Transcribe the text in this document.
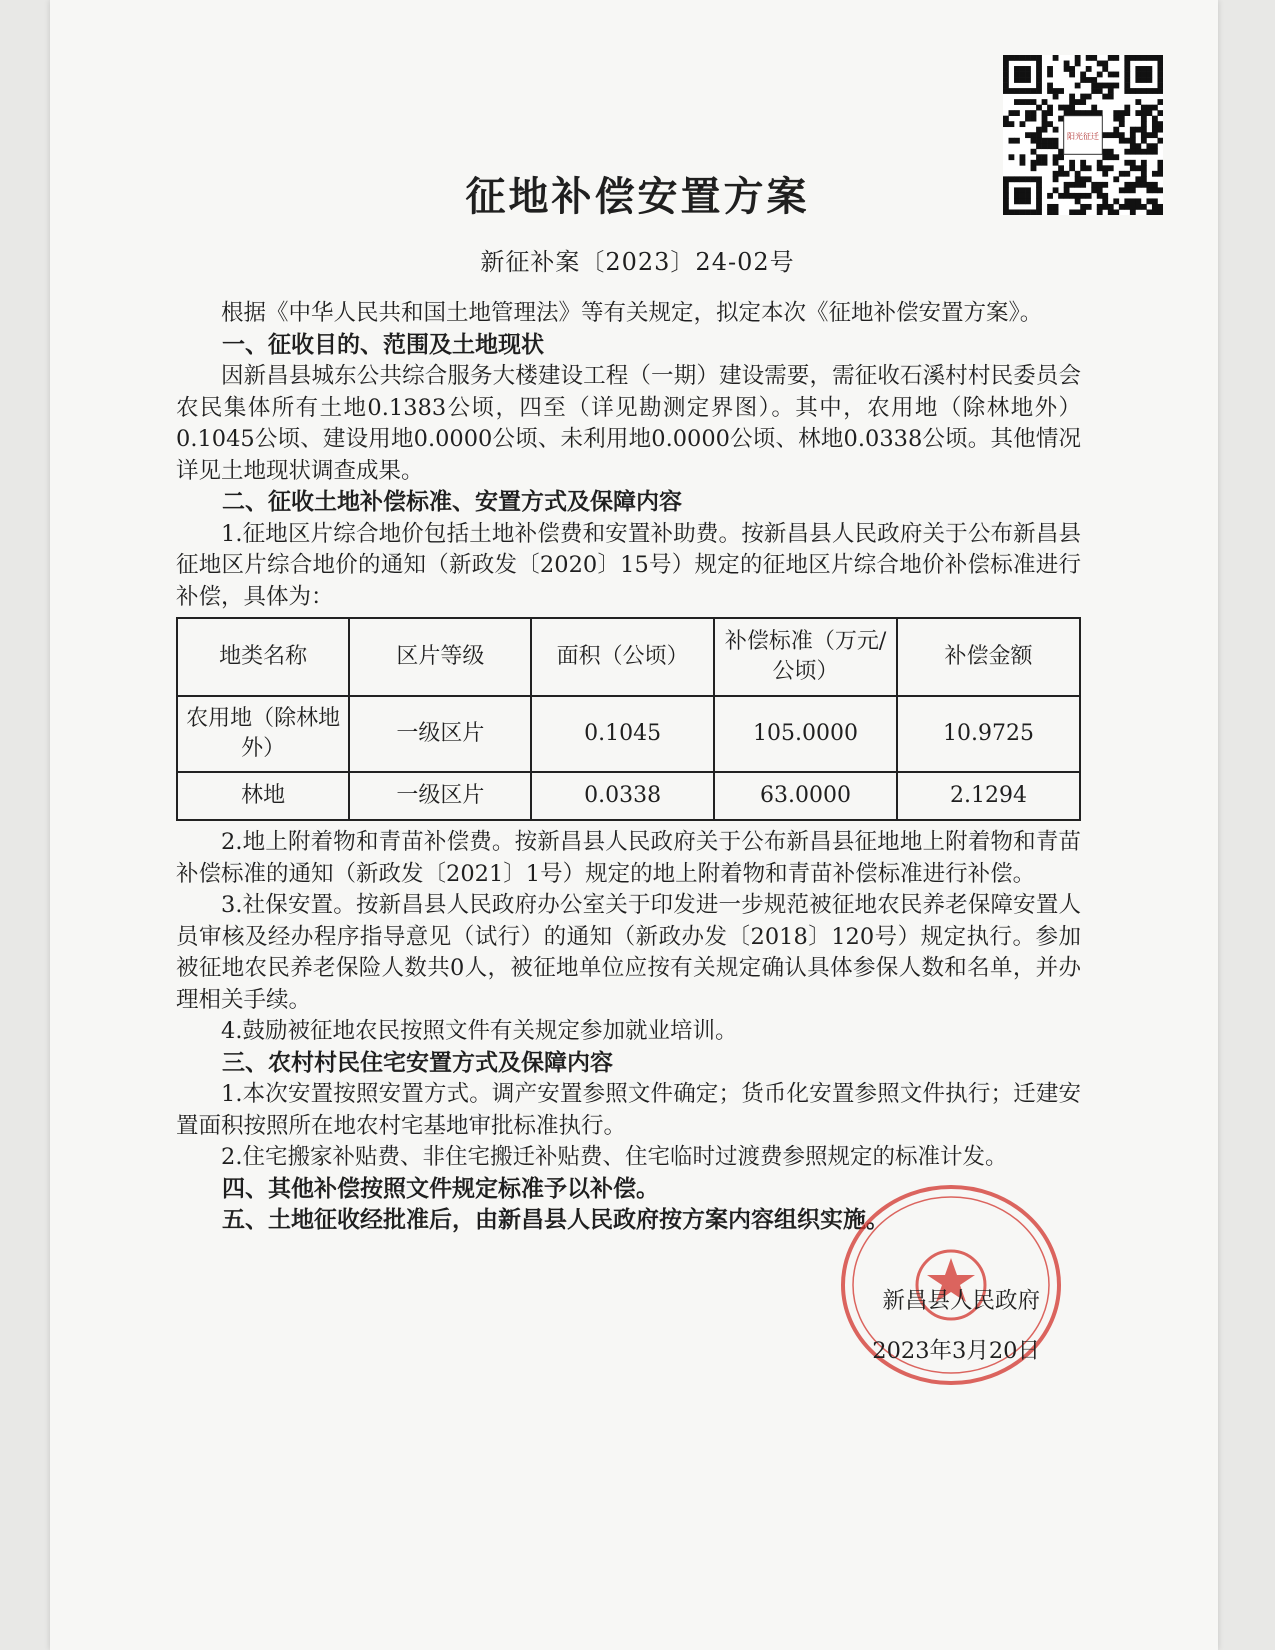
阳光征迁
征地补偿安置方案
新征补案〔2023〕24-02号

根据《中华人民共和国土地管理法》等有关规定，拟定本次《征地补偿安置方案》。

一、征收目的、范围及土地现状

因新昌县城东公共综合服务大楼建设工程（一期）建设需要，需征收石溪村村民委员会农民集体所有土地0.1383公顷，四至（详见勘测定界图）。其中，农用地（除林地外）0.1045公顷、建设用地0.0000公顷、未利用地0.0000公顷、林地0.0338公顷。其他情况详见土地现状调查成果。

二、征收土地补偿标准、安置方式及保障内容

1.征地区片综合地价包括土地补偿费和安置补助费。按新昌县人民政府关于公布新昌县征地区片综合地价的通知（新政发〔2020〕15号）规定的征地区片综合地价补偿标准进行补偿，具体为：

地类名称	区片等级	面积（公顷）	补偿标准（万元/公顷）	补偿金额
农用地（除林地外）	一级区片	0.1045	105.0000	10.9725
林地	一级区片	0.0338	63.0000	2.1294

2.地上附着物和青苗补偿费。按新昌县人民政府关于公布新昌县征地地上附着物和青苗补偿标准的通知（新政发〔2021〕1号）规定的地上附着物和青苗补偿标准进行补偿。

3.社保安置。按新昌县人民政府办公室关于印发进一步规范被征地农民养老保障安置人员审核及经办程序指导意见（试行）的通知（新政办发〔2018〕120号）规定执行。参加被征地农民养老保险人数共0人，被征地单位应按有关规定确认具体参保人数和名单，并办理相关手续。

4.鼓励被征地农民按照文件有关规定参加就业培训。

三、农村村民住宅安置方式及保障内容

1.本次安置按照安置方式。调产安置参照文件确定；货币化安置参照文件执行；迁建安置面积按照所在地农村宅基地审批标准执行。

2.住宅搬家补贴费、非住宅搬迁补贴费、住宅临时过渡费参照规定的标准计发。

四、其他补偿按照文件规定标准予以补偿。
五、土地征收经批准后，由新昌县人民政府按方案内容组织实施。
新昌县人民政府
2023年3月20日
